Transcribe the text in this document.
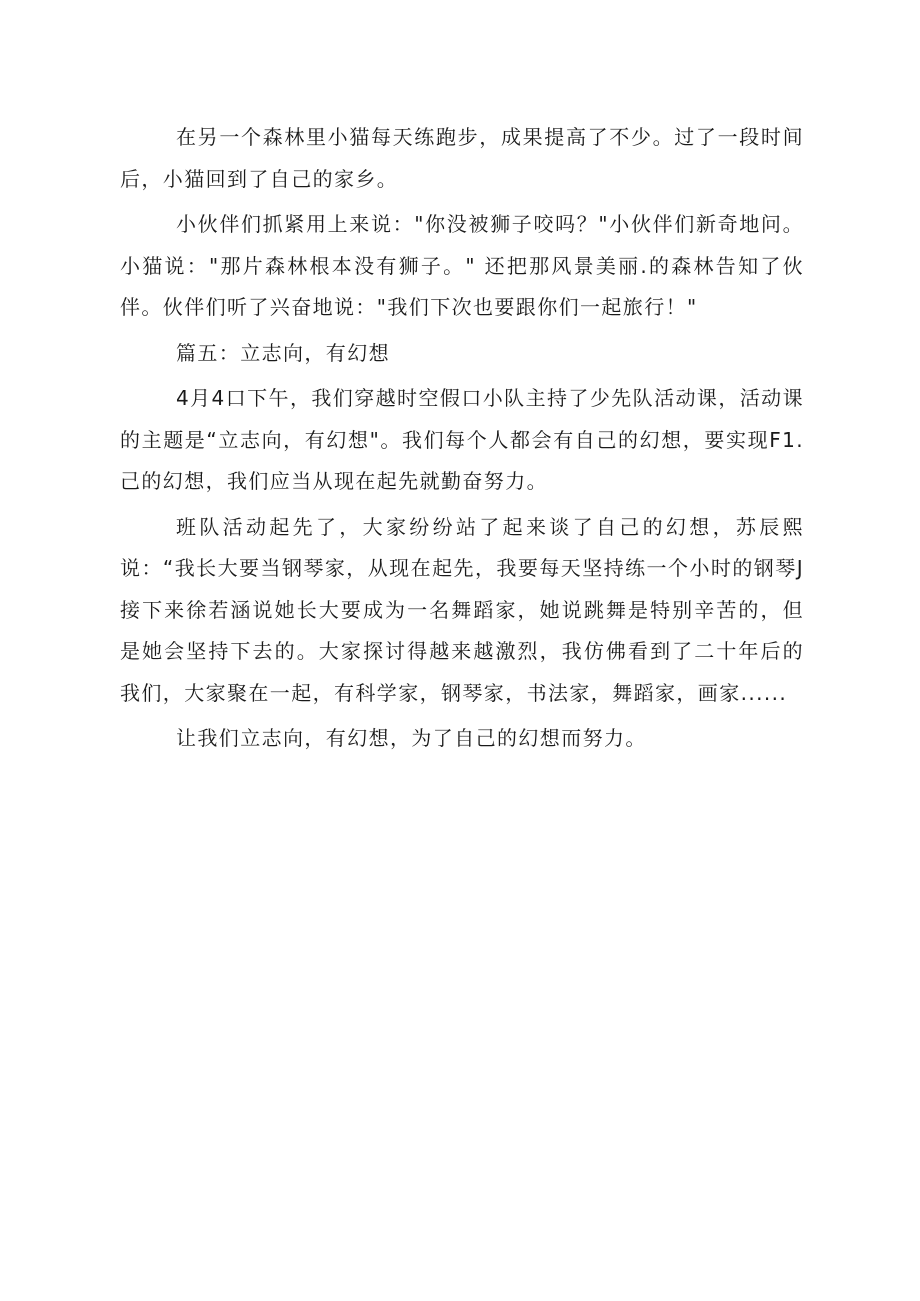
在另一个森林里小猫每天练跑步，成果提高了不少。过了一段时间后，小猫回到了自己的家乡。

小伙伴们抓紧用上来说："你没被狮子咬吗？"小伙伴们新奇地问。小猫说："那片森林根本没有狮子。" 还把那风景美丽.的森林告知了伙伴。伙伴们听了兴奋地说："我们下次也要跟你们一起旅行！"

篇五：立志向，有幻想

4月4口下午，我们穿越时空假口小队主持了少先队活动课，活动课的主题是“立志向，有幻想"。我们每个人都会有自己的幻想，要实现F1.己的幻想，我们应当从现在起先就勤奋努力。

班队活动起先了，大家纷纷站了起来谈了自己的幻想，苏辰熙说：“我长大要当钢琴家，从现在起先，我要每天坚持练一个小时的钢琴J接下来徐若涵说她长大要成为一名舞蹈家，她说跳舞是特别辛苦的，但是她会坚持下去的。大家探讨得越来越激烈，我仿佛看到了二十年后的我们，大家聚在一起，有科学家，钢琴家，书法家，舞蹈家，画家......

让我们立志向，有幻想，为了自己的幻想而努力。
